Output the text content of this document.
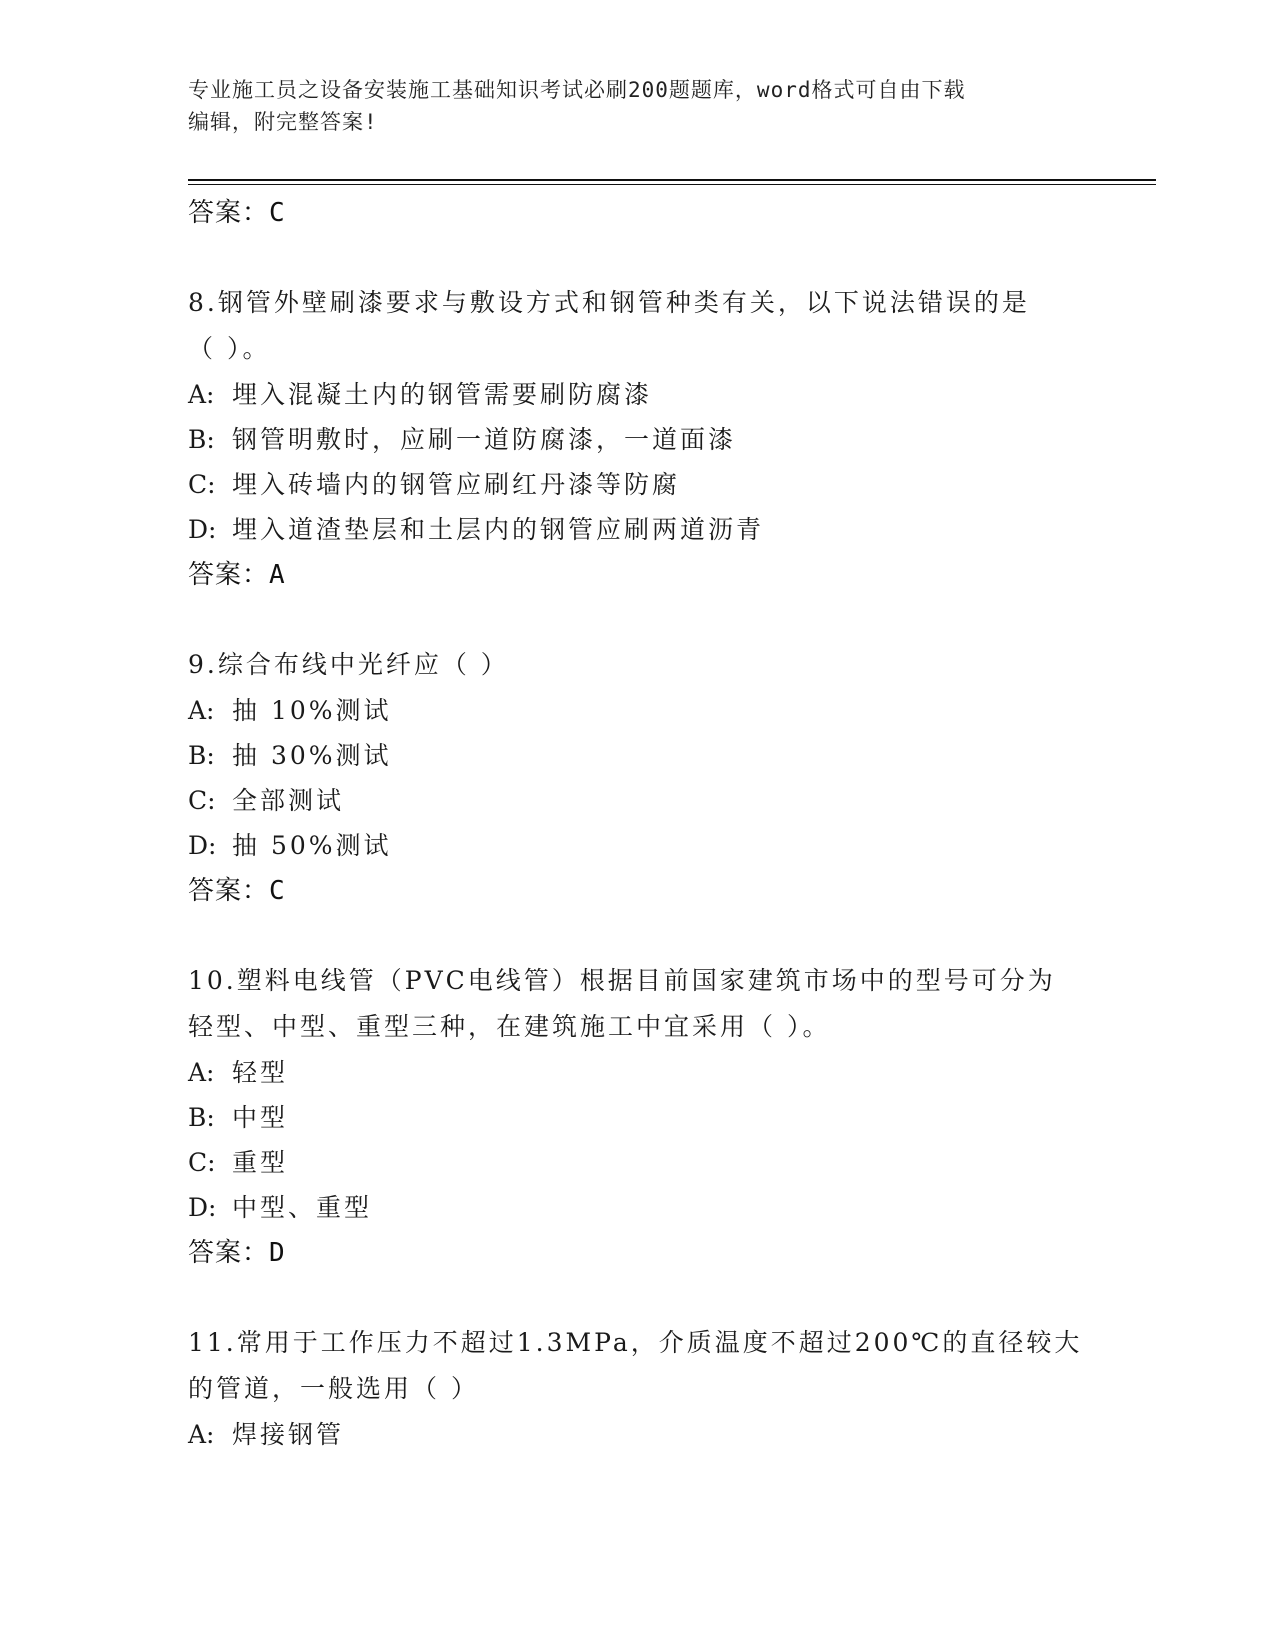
专业施工员之设备安装施工基础知识考试必刷200题题库，word格式可自由下载
编辑，附完整答案!
答案：C
8.钢管外壁刷漆要求与敷设方式和钢管种类有关，以下说法错误的是
（ ）。
A: 埋入混凝土内的钢管需要刷防腐漆
B: 钢管明敷时，应刷一道防腐漆，一道面漆
C: 埋入砖墙内的钢管应刷红丹漆等防腐
D: 埋入道渣垫层和土层内的钢管应刷两道沥青
答案：A
9.综合布线中光纤应（ ）
A: 抽 10%测试
B: 抽 30%测试
C: 全部测试
D: 抽 50%测试
答案：C
10.塑料电线管（PVC电线管）根据目前国家建筑市场中的型号可分为
轻型、中型、重型三种，在建筑施工中宜采用（ ）。
A: 轻型
B: 中型
C: 重型
D: 中型、重型
答案：D
11.常用于工作压力不超过1.3MPa，介质温度不超过200℃的直径较大
的管道，一般选用（ ）
A: 焊接钢管
